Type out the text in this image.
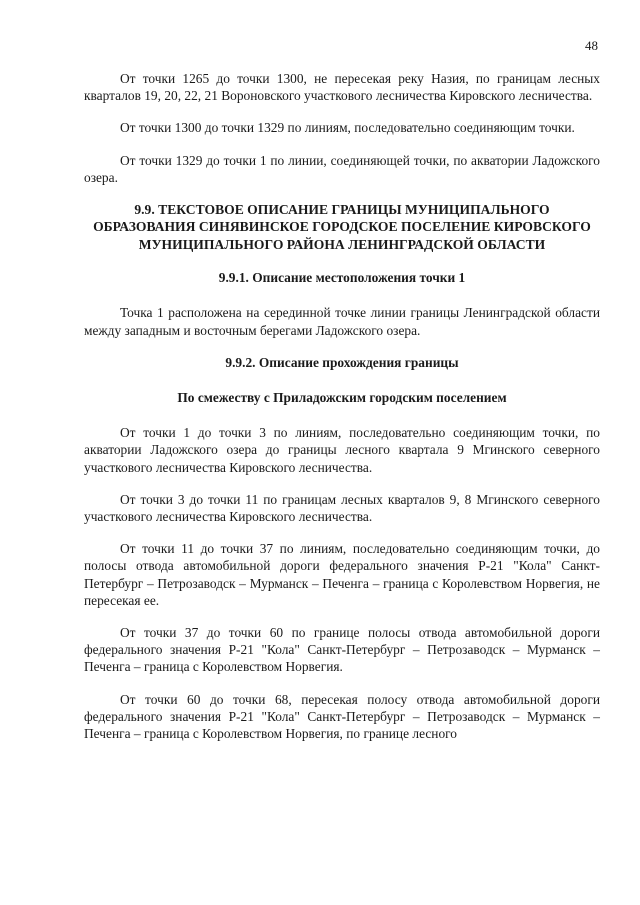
48

От точки 1265 до точки 1300, не пересекая реку Назия, по границам лесных кварталов 19, 20, 22, 21 Вороновского участкового лесничества Кировского лесничества.

От точки 1300 до точки 1329 по линиям, последовательно соединяющим точки.

От точки 1329 до точки 1 по линии, соединяющей точки, по акватории Ладожского озера.

9.9. ТЕКСТОВОЕ ОПИСАНИЕ ГРАНИЦЫ МУНИЦИПАЛЬНОГО ОБРАЗОВАНИЯ СИНЯВИНСКОЕ ГОРОДСКОЕ ПОСЕЛЕНИЕ КИРОВСКОГО МУНИЦИПАЛЬНОГО РАЙОНА ЛЕНИНГРАДСКОЙ ОБЛАСТИ
9.9.1. Описание местоположения точки 1

Точка 1 расположена на серединной точке линии границы Ленинградской области между западным и восточным берегами Ладожского озера.

9.9.2. Описание прохождения границы
По смежеству с Приладожским городским поселением

От точки 1 до точки 3 по линиям, последовательно соединяющим точки, по акватории Ладожского озера до границы лесного квартала 9 Мгинского северного участкового лесничества Кировского лесничества.

От точки 3 до точки 11 по границам лесных кварталов 9, 8 Мгинского северного участкового лесничества Кировского лесничества.

От точки 11 до точки 37 по линиям, последовательно соединяющим точки, до полосы отвода автомобильной дороги федерального значения Р-21 "Кола" Санкт-Петербург – Петрозаводск – Мурманск – Печенга – граница с Королевством Норвегия, не пересекая ее.

От точки 37 до точки 60 по границе полосы отвода автомобильной дороги федерального значения Р-21 "Кола" Санкт-Петербург – Петрозаводск – Мурманск – Печенга – граница с Королевством Норвегия.

От точки 60 до точки 68, пересекая полосу отвода автомобильной дороги федерального значения Р-21 "Кола" Санкт-Петербург – Петрозаводск – Мурманск – Печенга – граница с Королевством Норвегия, по границе лесного
